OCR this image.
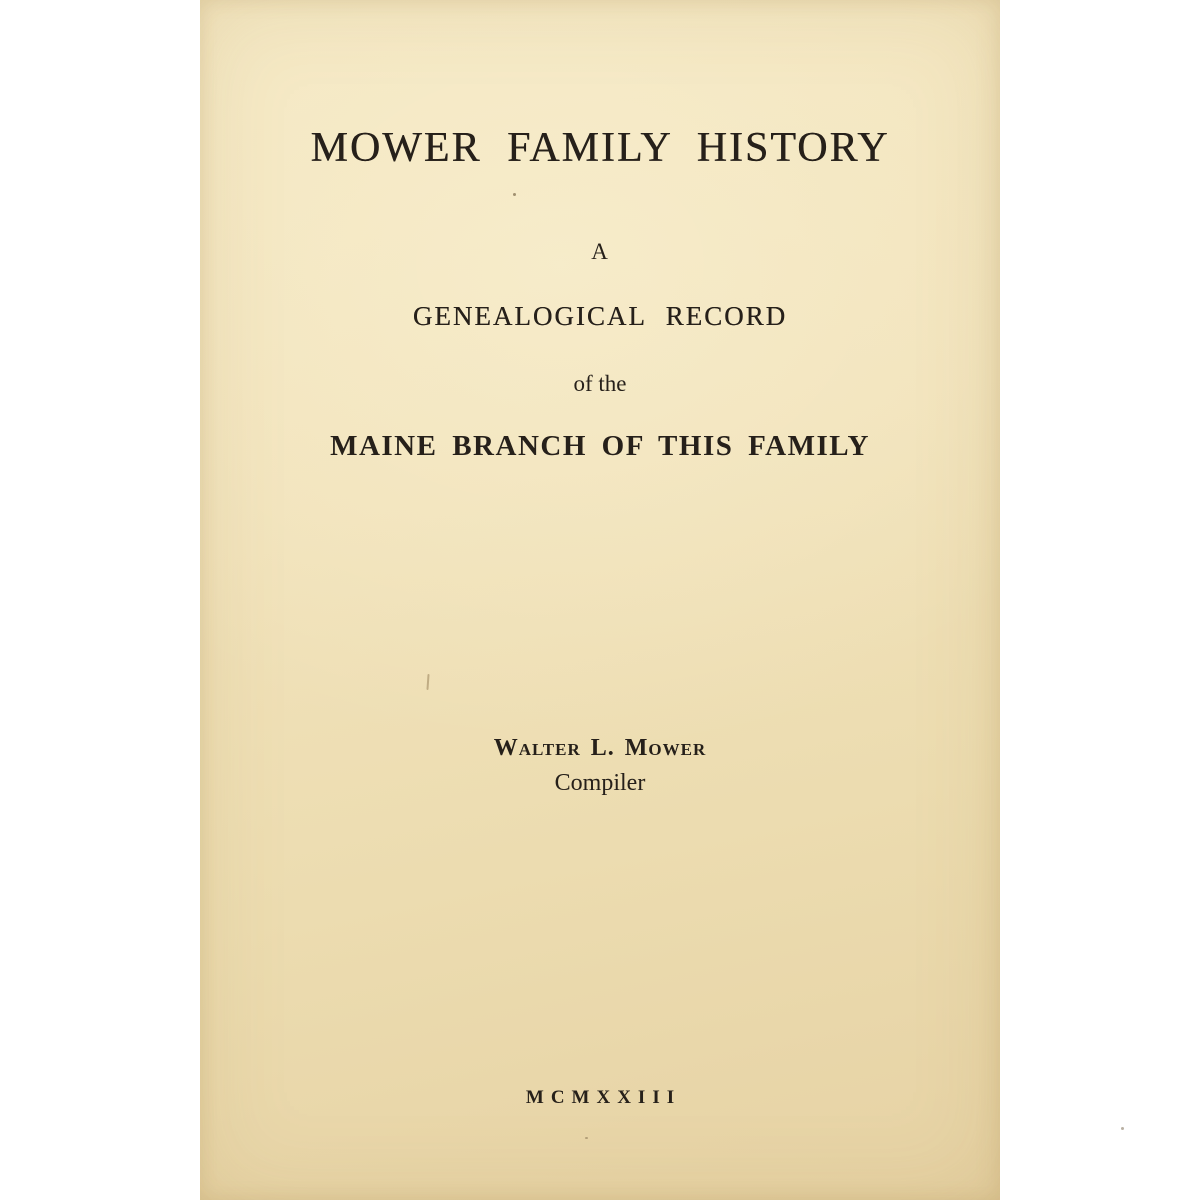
MOWER FAMILY HISTORY
A
GENEALOGICAL RECORD
of the
MAINE BRANCH OF THIS FAMILY
Walter L. Mower
Compiler
MCMXXIII
